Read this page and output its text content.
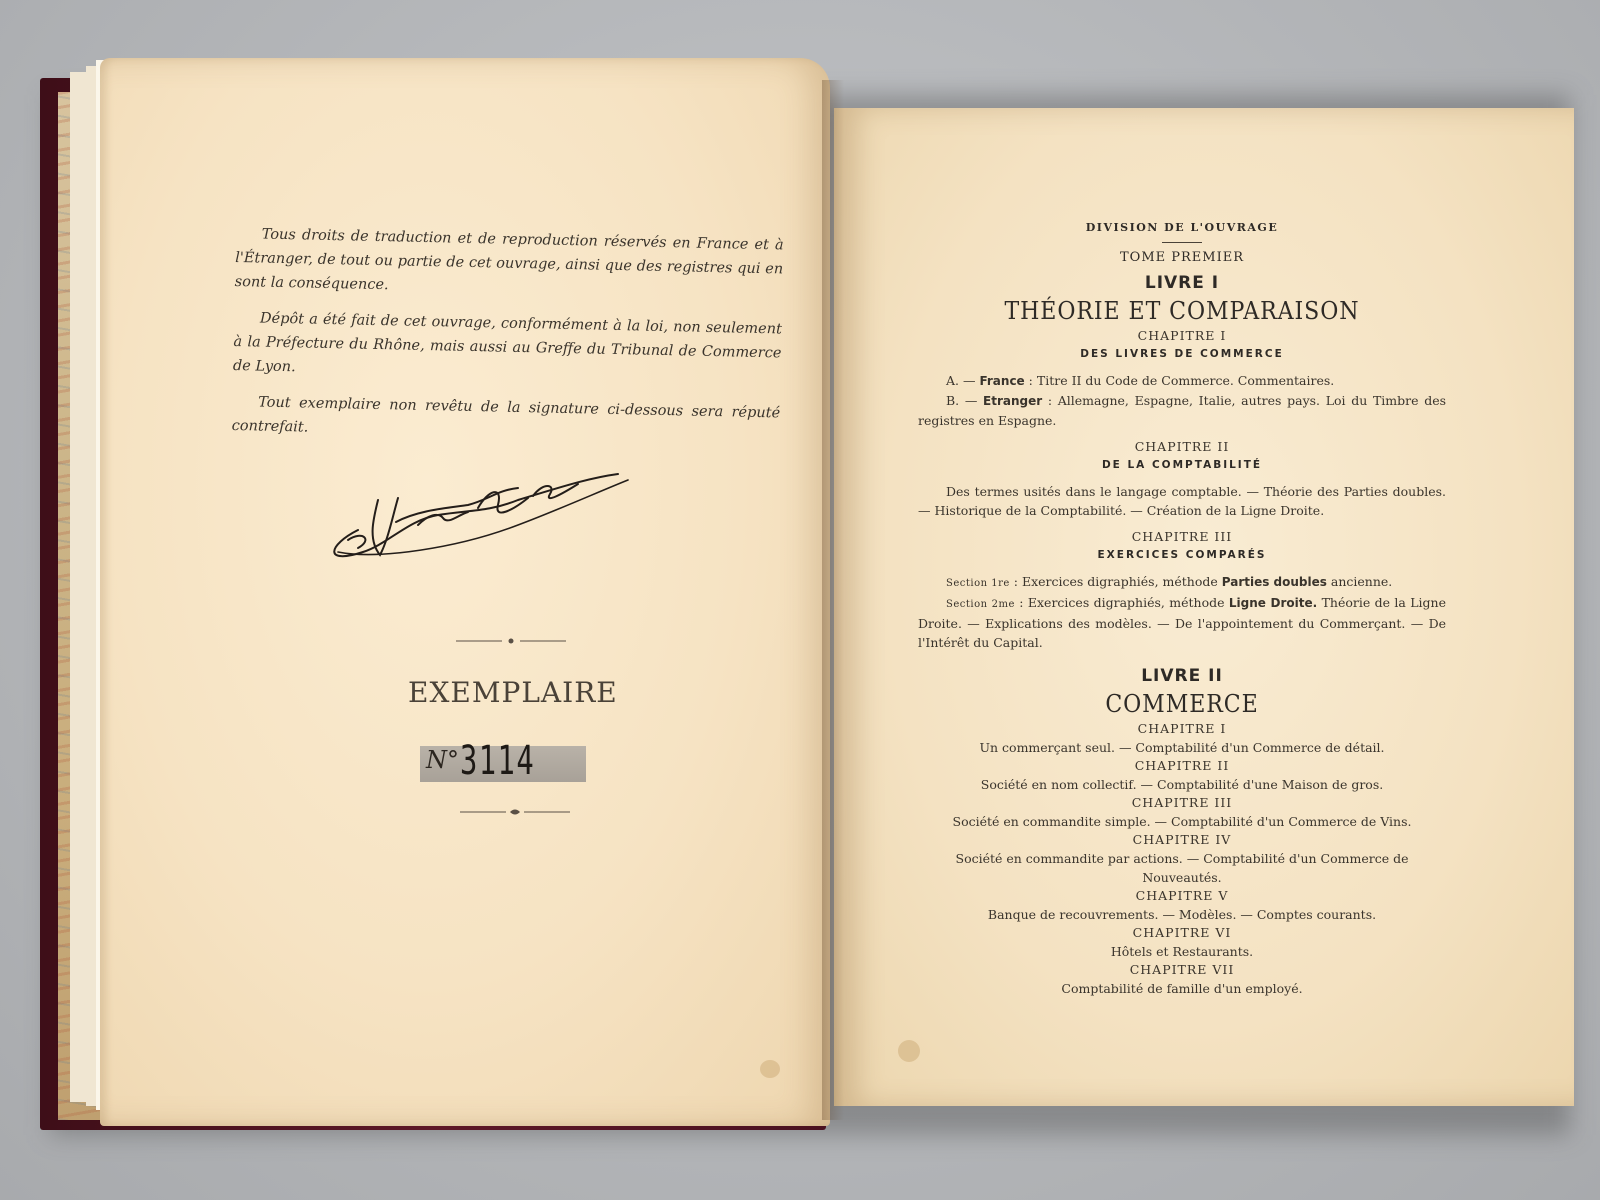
Tous droits de traduction et de reproduction réservés en France et à l'Étranger, de tout ou partie de cet ouvrage, ainsi que des registres qui en sont la conséquence.

Dépôt a été fait de cet ouvrage, conformément à la loi, non seulement à la Préfecture du Rhône, mais aussi au Greffe du Tribunal de Commerce de Lyon.

Tout exemplaire non revêtu de la signature ci-dessous sera réputé contrefait.

EXEMPLAIRE
N° 3114
DIVISION DE L'OUVRAGE
TOME PREMIER
LIVRE I
THÉORIE ET COMPARAISON
CHAPITRE I
DES LIVRES DE COMMERCE
A. — France : Titre II du Code de Commerce. Commentaires.
B. — Etranger : Allemagne, Espagne, Italie, autres pays. Loi du Timbre des registres en Espagne.
CHAPITRE II
DE LA COMPTABILITÉ
Des termes usités dans le langage comptable. — Théorie des Parties doubles. — Historique de la Comptabilité. — Création de la Ligne Droite.
CHAPITRE III
EXERCICES COMPARÉS
Section 1re : Exercices digraphiés, méthode Parties doubles ancienne.
Section 2me : Exercices digraphiés, méthode Ligne Droite. Théorie de la Ligne Droite. — Explications des modèles. — De l'appointement du Commerçant. — De l'Intérêt du Capital.
LIVRE II
COMMERCE
CHAPITRE I
Un commerçant seul. — Comptabilité d'un Commerce de détail.
CHAPITRE II
Société en nom collectif. — Comptabilité d'une Maison de gros.
CHAPITRE III
Société en commandite simple. — Comptabilité d'un Commerce de Vins.
CHAPITRE IV
Société en commandite par actions. — Comptabilité d'un Commerce de Nouveautés.
CHAPITRE V
Banque de recouvrements. — Modèles. — Comptes courants.
CHAPITRE VI
Hôtels et Restaurants.
CHAPITRE VII
Comptabilité de famille d'un employé.
